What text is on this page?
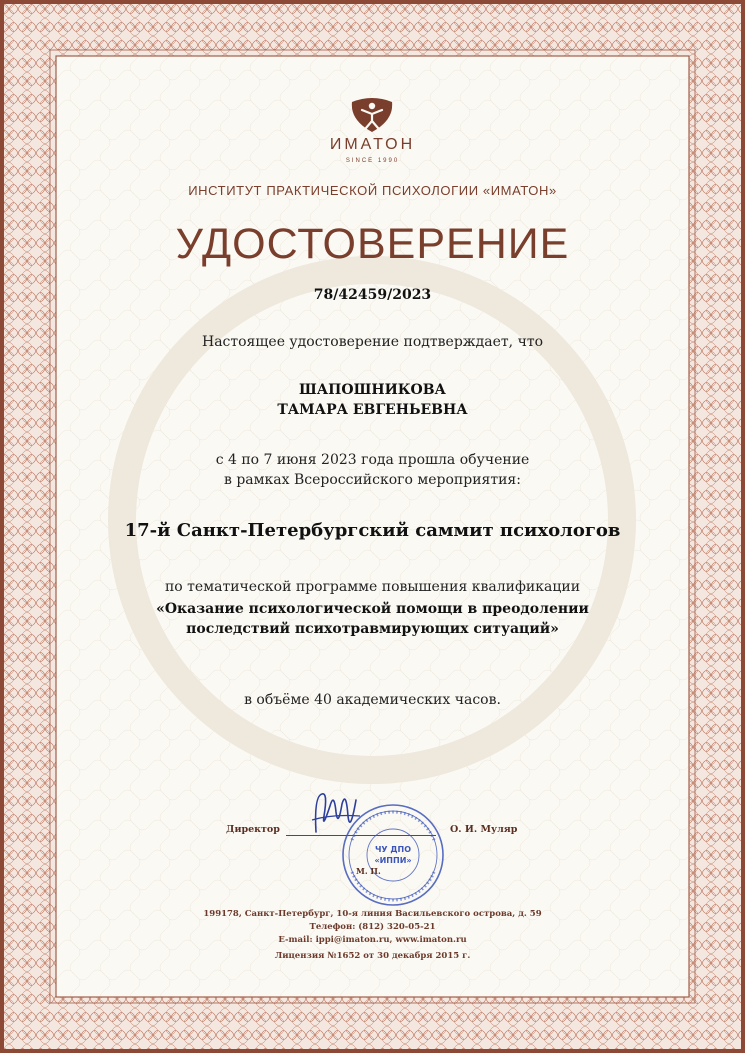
ИМАТОН
SINCE 1990
ИНСТИТУТ ПРАКТИЧЕСКОЙ ПСИХОЛОГИИ «ИМАТОН»
УДОСТОВЕРЕНИЕ
78/42459/2023
Настоящее удостоверение подтверждает, что
ШАПОШНИКОВА
ТАМАРА ЕВГЕНЬЕВНА
с 4 по 7 июня 2023 года прошла обучение
в рамках Всероссийского мероприятия:
17-й Санкт-Петербургский саммит психологов
по тематической программе повышения квалификации
«Оказание психологической помощи в преодолении
последствий психотравмирующих ситуаций»
в объёме 40 академических часов.
Директор	О. И. Муляр
ЧУ ДПО
«ИППИ»
М. П.
199178, Санкт-Петербург, 10-я линия Васильевского острова, д. 59
Телефон: (812) 320-05-21
E-mail: ippi@imaton.ru, www.imaton.ru
Лицензия №1652 от 30 декабря 2015 г.
